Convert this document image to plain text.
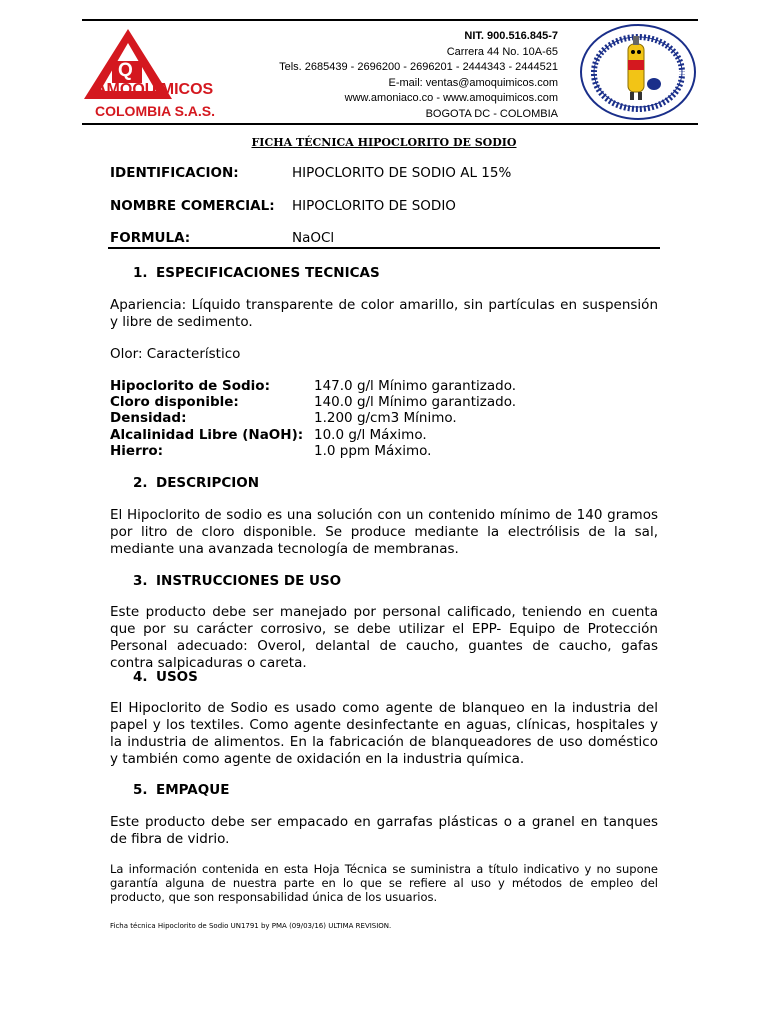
Q
AMOQUIMICOS
COLOMBIA S.A.S.
NIT. 900.516.845-7
Carrera 44 No. 10A-65
Tels. 2685439 - 2696200 - 2696201 - 2444343 - 2444521
E-mail: ventas@amoquimicos.com
www.amoniaco.co - www.amoquimicos.com
BOGOTA DC - COLOMBIA
FICHA TÉCNICA HIPOCLORITO DE SODIO
IDENTIFICACION:	HIPOCLORITO DE SODIO AL 15%
NOMBRE COMERCIAL: HIPOCLORITO DE SODIO
FORMULA:	NaOCl
1. ESPECIFICACIONES TECNICAS

Apariencia: Líquido transparente de color amarillo, sin partículas en suspensión y libre de sedimento.

Olor: Característico

Hipoclorito de Sodio:	147.0 g/l Mínimo garantizado.
Cloro disponible:	140.0 g/l Mínimo garantizado.
Densidad:	1.200 g/cm3 Mínimo.
Alcalinidad Libre (NaOH): 10.0 g/l Máximo.
Hierro:	1.0 ppm Máximo.
2. DESCRIPCION

El Hipoclorito de sodio es una solución con un contenido mínimo de 140 gramos por litro de cloro disponible. Se produce mediante la electrólisis de la sal, mediante una avanzada tecnología de membranas.

3. INSTRUCCIONES DE USO

Este producto debe ser manejado por personal calificado, teniendo en cuenta que por su carácter corrosivo, se debe utilizar el EPP- Equipo de Protección Personal adecuado: Overol, delantal de caucho, guantes de caucho, gafas contra salpicaduras o careta.

4. USOS

El Hipoclorito de Sodio es usado como agente de blanqueo en la industria del papel y los textiles. Como agente desinfectante en aguas, clínicas, hospitales y la industria de alimentos. En la fabricación de blanqueadores de uso doméstico y también como agente de oxidación en la industria química.

5. EMPAQUE

Este producto debe ser empacado en garrafas plásticas o a granel en tanques de fibra de vidrio.

La información contenida en esta Hoja Técnica se suministra a título indicativo y no supone garantía alguna de nuestra parte en lo que se refiere al uso y métodos de empleo del producto, que son responsabilidad única de los usuarios.

Ficha técnica Hipoclorito de Sodio UN1791 by PMA (09/03/16) ULTIMA REVISION.
